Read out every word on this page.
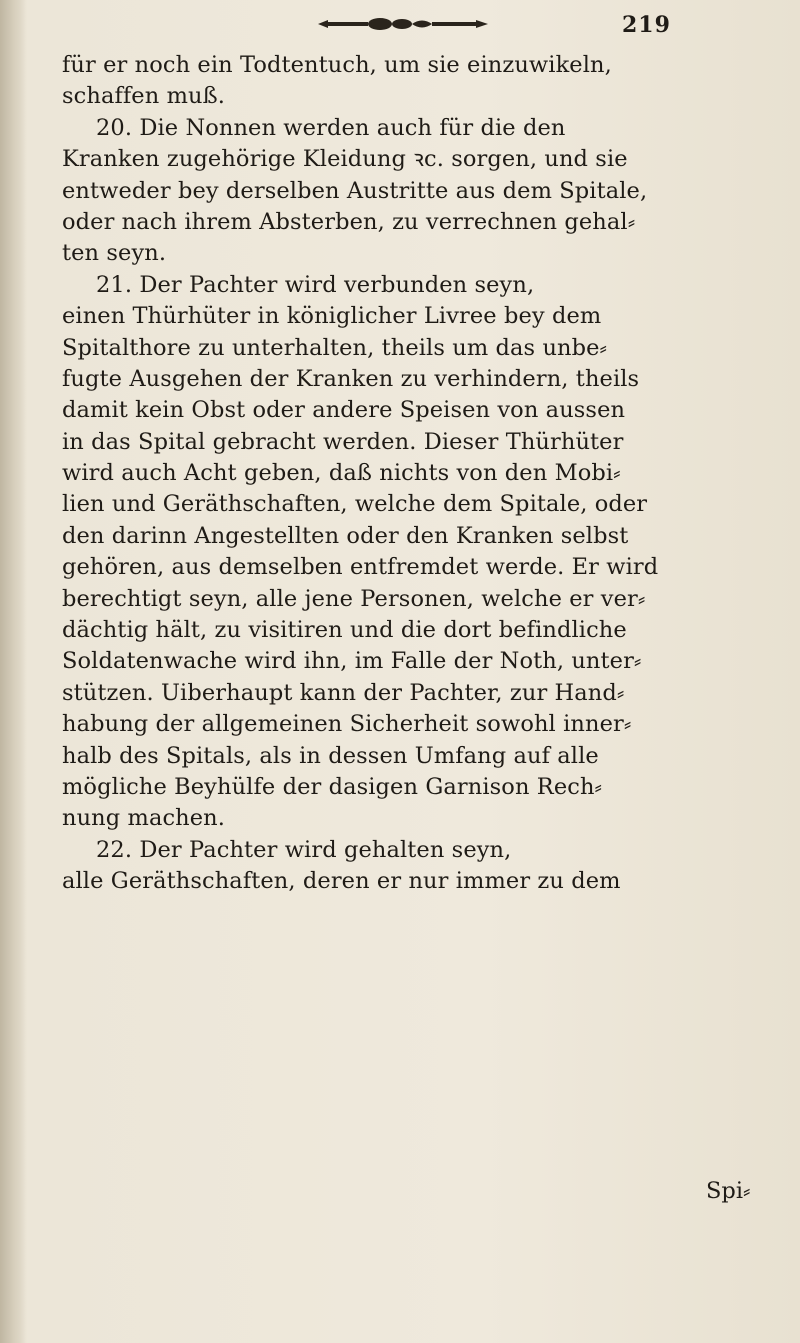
219

für er noch ein Todtentuch, um sie einzuwikeln,
schaffen muß.
20. Die Nonnen werden auch für die den
Kranken zugehörige Kleidung ꝛc. sorgen, und sie
entweder bey derselben Austritte aus dem Spitale,
oder nach ihrem Absterben, zu verrechnen gehal⸗
ten seyn.
21. Der Pachter wird verbunden seyn,
einen Thürhüter in königlicher Livree bey dem
Spitalthore zu unterhalten, theils um das unbe⸗
fugte Ausgehen der Kranken zu verhindern, theils
damit kein Obst oder andere Speisen von aussen
in das Spital gebracht werden. Dieser Thürhüter
wird auch Acht geben, daß nichts von den Mobi⸗
lien und Geräthschaften, welche dem Spitale, oder
den darinn Angestellten oder den Kranken selbst
gehören, aus demselben entfremdet werde. Er wird
berechtigt seyn, alle jene Personen, welche er ver⸗
dächtig hält, zu visitiren und die dort befindliche
Soldatenwache wird ihn, im Falle der Noth, unter⸗
stützen. Uiberhaupt kann der Pachter, zur Hand⸗
habung der allgemeinen Sicherheit sowohl inner⸗
halb des Spitals, als in dessen Umfang auf alle
mögliche Beyhülfe der dasigen Garnison Rech⸗
nung machen.
22. Der Pachter wird gehalten seyn,
alle Geräthschaften, deren er nur immer zu dem

Spi⸗
